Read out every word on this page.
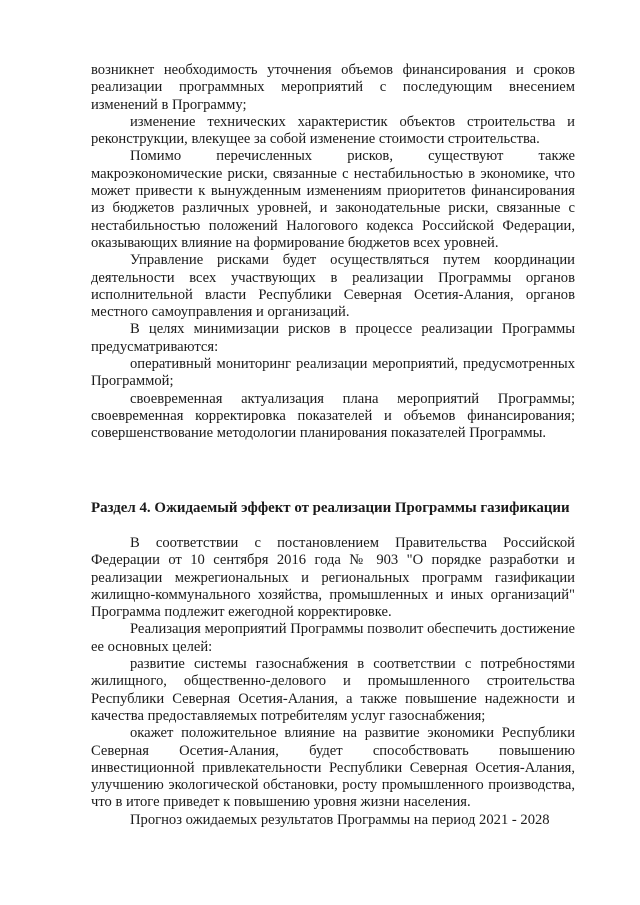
возникнет необходимость уточнения объемов финансирования и сроков реализации программных мероприятий с последующим внесением изменений в Программу;

изменение технических характеристик объектов строительства и реконструкции, влекущее за собой изменение стоимости строительства.

Помимо перечисленных рисков, существуют также макроэкономические риски, связанные с нестабильностью в экономике, что может привести к вынужденным изменениям приоритетов финансирования из бюджетов различных уровней, и законодательные риски, связанные с нестабильностью положений Налогового кодекса Российской Федерации, оказывающих влияние на формирование бюджетов всех уровней.

Управление рисками будет осуществляться путем координации деятельности всех участвующих в реализации Программы органов исполнительной власти Республики Северная Осетия-Алания, органов местного самоуправления и организаций.

В целях минимизации рисков в процессе реализации Программы предусматриваются:

оперативный мониторинг реализации мероприятий, предусмотренных Программой;

своевременная актуализация плана мероприятий Программы; своевременная корректировка показателей и объемов финансирования; совершенствование методологии планирования показателей Программы.

Раздел 4. Ожидаемый эффект от реализации Программы газификации

В соответствии с постановлением Правительства Российской Федерации от 10 сентября 2016 года № 903 "О порядке разработки и реализации межрегиональных и региональных программ газификации жилищно-коммунального хозяйства, промышленных и иных организаций" Программа подлежит ежегодной корректировке.

Реализация мероприятий Программы позволит обеспечить достижение ее основных целей:

развитие системы газоснабжения в соответствии с потребностями жилищного, общественно-делового и промышленного строительства Республики Северная Осетия-Алания, а также повышение надежности и качества предоставляемых потребителям услуг газоснабжения;

окажет положительное влияние на развитие экономики Республики Северная Осетия-Алания, будет способствовать повышению инвестиционной привлекательности Республики Северная Осетия-Алания, улучшению экологической обстановки, росту промышленного производства, что в итоге приведет к повышению уровня жизни населения.

Прогноз ожидаемых результатов Программы на период 2021 - 2028
